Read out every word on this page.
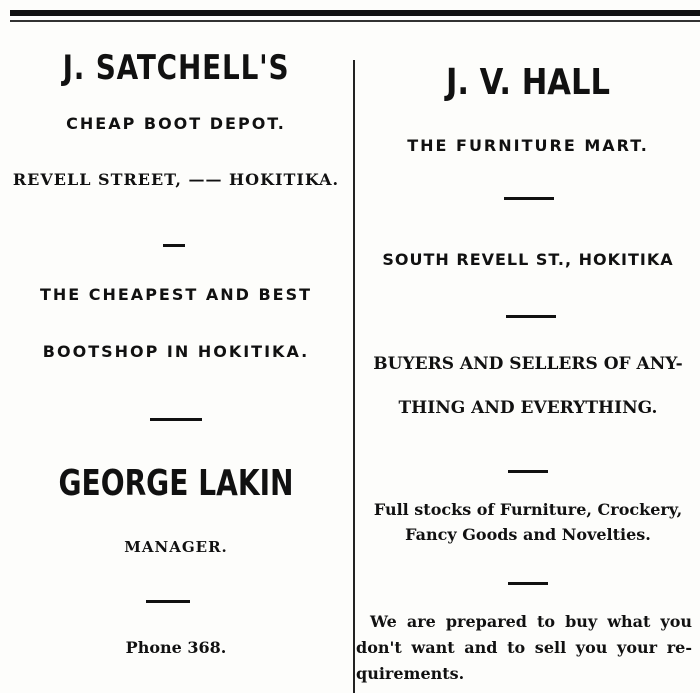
J. SATCHELL'S
CHEAP BOOT DEPOT.
REVELL STREET, —— HOKITIKA.
THE CHEAPEST AND BEST
BOOTSHOP IN HOKITIKA.
GEORGE LAKIN
MANAGER.
Phone 368.
J. V. HALL
THE FURNITURE MART.
SOUTH REVELL ST., HOKITIKA
BUYERS AND SELLERS OF ANY-
THING AND EVERYTHING.
Full stocks of Furniture, Crockery,
Fancy Goods and Novelties.
We are prepared to buy what you
don't want and to sell you your re-
quirements.
